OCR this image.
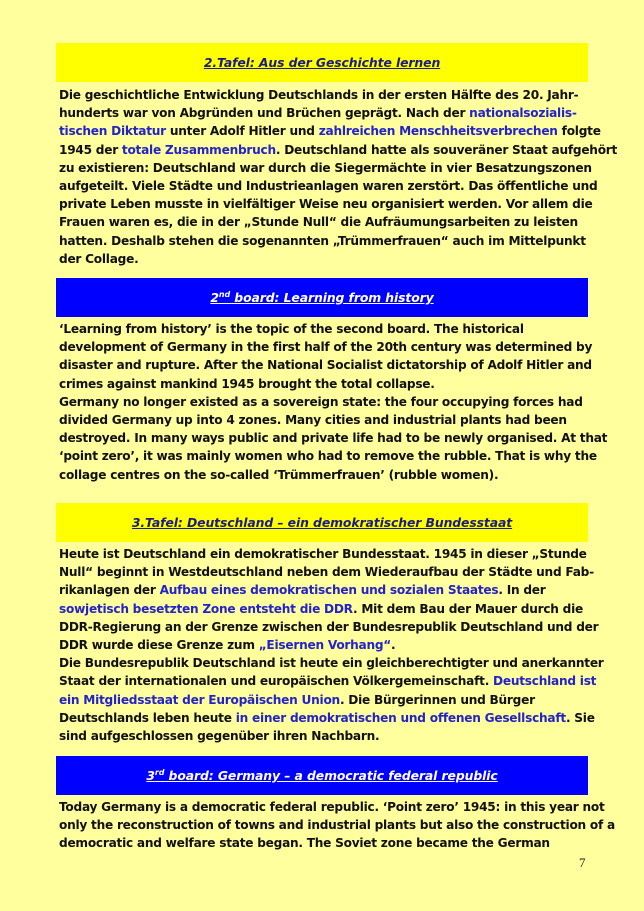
2.Tafel: Aus der Geschichte lernen
Die geschichtliche Entwicklung Deutschlands in der ersten Hälfte des 20. Jahr-
hunderts war von Abgründen und Brüchen geprägt. Nach der nationalsozialis-
tischen Diktatur unter Adolf Hitler und zahlreichen Menschheitsverbrechen folgte
1945 der totale Zusammenbruch. Deutschland hatte als souveräner Staat aufgehört
zu existieren: Deutschland war durch die Siegermächte in vier Besatzungszonen
aufgeteilt. Viele Städte und Industrieanlagen waren zerstört. Das öffentliche und
private Leben musste in vielfältiger Weise neu organisiert werden. Vor allem die
Frauen waren es, die in der „Stunde Null“ die Aufräumungsarbeiten zu leisten
hatten. Deshalb stehen die sogenannten „Trümmerfrauen“ auch im Mittelpunkt
der Collage.
2nd board: Learning from history
‘Learning from history’ is the topic of the second board. The historical
development of Germany in the first half of the 20th century was determined by
disaster and rupture. After the National Socialist dictatorship of Adolf Hitler and
crimes against mankind 1945 brought the total collapse.
Germany no longer existed as a sovereign state: the four occupying forces had
divided Germany up into 4 zones. Many cities and industrial plants had been
destroyed. In many ways public and private life had to be newly organised. At that
‘point zero’, it was mainly women who had to remove the rubble. That is why the
collage centres on the so-called ‘Trümmerfrauen’ (rubble women).
3.Tafel: Deutschland – ein demokratischer Bundesstaat
Heute ist Deutschland ein demokratischer Bundesstaat. 1945 in dieser „Stunde
Null“ beginnt in Westdeutschland neben dem Wiederaufbau der Städte und Fab-
rikanlagen der Aufbau eines demokratischen und sozialen Staates. In der
sowjetisch besetzten Zone entsteht die DDR. Mit dem Bau der Mauer durch die
DDR-Regierung an der Grenze zwischen der Bundesrepublik Deutschland und der
DDR wurde diese Grenze zum „Eisernen Vorhang“.
Die Bundesrepublik Deutschland ist heute ein gleichberechtigter und anerkannter
Staat der internationalen und europäischen Völkergemeinschaft. Deutschland ist
ein Mitgliedsstaat der Europäischen Union. Die Bürgerinnen und Bürger
Deutschlands leben heute in einer demokratischen und offenen Gesellschaft. Sie
sind aufgeschlossen gegenüber ihren Nachbarn.
3rd board: Germany – a democratic federal republic
Today Germany is a democratic federal republic. ‘Point zero’ 1945: in this year not
only the reconstruction of towns and industrial plants but also the construction of a
democratic and welfare state began. The Soviet zone became the German
7
